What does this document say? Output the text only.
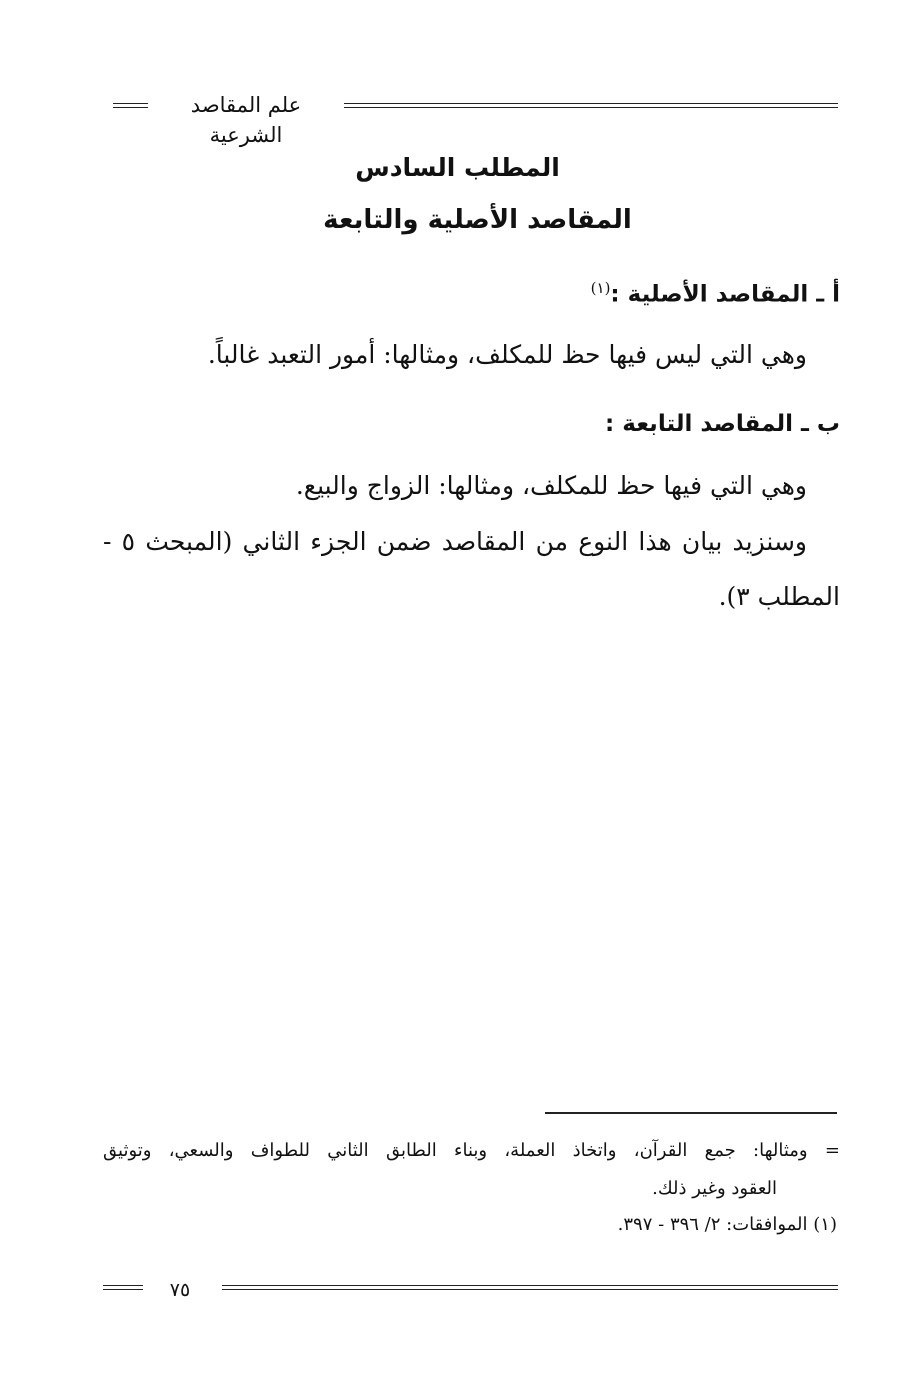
علم المقاصد الشرعية
المطلب السادس
المقاصد الأصلية والتابعة
أ ـ المقاصد الأصلية :$^{(١)}$
وهي التي ليس فيها حظ للمكلف، ومثالها: أمور التعبد غالباً.
ب ـ المقاصد التابعة :
وهي التي فيها حظ للمكلف، ومثالها: الزواج والبيع.
وسنزيد بيان هذا النوع من المقاصد ضمن الجزء الثاني (المبحث ٥ -
المطلب ٣).
= ومثالها: جمع القرآن، واتخاذ العملة، وبناء الطابق الثاني للطواف والسعي، وتوثيق
العقود وغير ذلك.
(١) الموافقات: ٢/ ٣٩٦ - ٣٩٧.
٧٥
